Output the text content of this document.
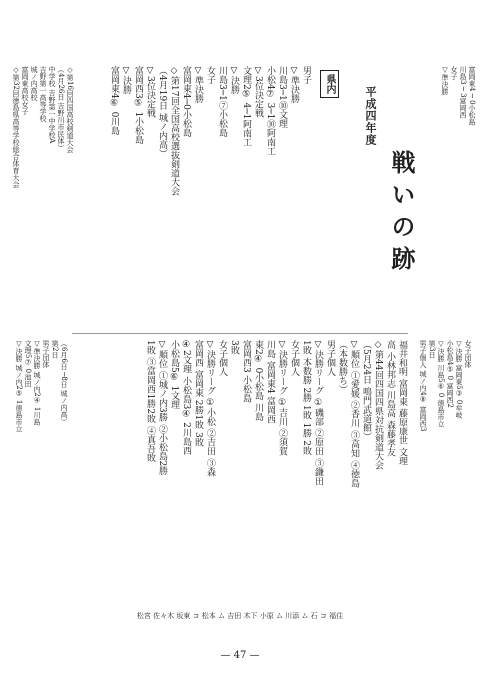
平成四年度
戦いの跡
県内
男子
▽準決勝
川島3─1⑩文理
小松4⑦ 3─1⑩阿南工
▽3位決定戦
文理2⑤ 4─1阿南工
▽決勝
川島3─1⑦小松島
女子
▽準決勝
富岡東4─0小松島
◇第17回全国高校選抜剣道大会
（4月19日 城ノ内高）
▽3位決定戦
富岡西3⑤ 1小松島
▽決勝
富岡東4⑥ 0川島
福井和明 富岡東 藤原康世 文理
高 小林邦志 川島高 森藤孝友
◇第44回四国四県対抗剣道大会
（5月24日 鳴門武道館）
▽順位 ①愛媛 ②香川 ③高知 ④徳島
（本数勝ち）
男子個人
▽決勝リーグ ①磯部 ②原田 ③鎌田
1敗 本数勝 2勝 1敗 1勝 2敗
女子個人
▽決勝リーグ ①吉川 ②須賀
川島 富岡東4 富岡西
東2④ 0小松島 川島
富岡西3 小松島
3敗
女子個人
▽決勝リーグ ①小松 ②吉田 ③森
富岡西 富岡東 2勝1敗 3敗
④2文理 小松島3④ 2川島西
小松島5⑥ 1文理
▽順位 ①城ノ内3勝 ②小松島2勝
1敗 ③富岡西1勝2敗 ④真吾敗
— 47 —
◇第16回四国高校剣道大会
（4月26日 吉野川市民体）
中学校 吉野第一中学校A
吉野第一高等学校
城ノ内高校
富岡東高校女子
◇第32回徳島県高等学校総合体育大会
（6月6日 ─8日 城ノ内高）
第2日
男子団体
▽準決勝 城ノ内2④ 1川島
文理5⑦ 0池田
▽決勝 城ノ内2⑤ 1徳島市立	女子団体
▽決勝 富岡東5③ 0牟岐
小松島4⑤ 0 富岡西2
▽決勝 川島5⑥ 0 徳島市立
第3日
男子個人 城ノ内4⑧ 富岡西3
富岡東4 ─ 0小松島
川島3 ─ 3富岡西
女子
▽準決勝
松宮 佐々木 坂東 コ 松本 ム 吉田 木下 小原 ム 川添 ム 石 コ 福住
